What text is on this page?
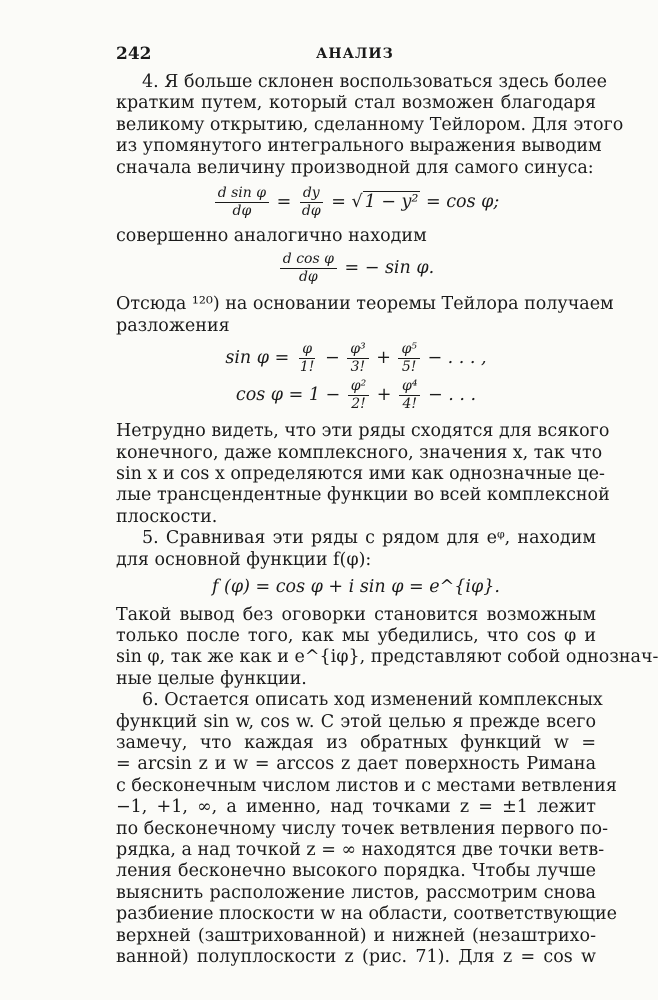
242	АНАЛИЗ
4. Я больше склонен воспользоваться здесь более
кратким путем, который стал возможен благодаря
великому открытию, сделанному Тейлором. Для этого
из упомянутого интегрального выражения выводим
сначала величину производной для самого синуса:
$\frac{\text{d sin φ}}{d\varphi} = \frac{dy}{d\varphi}$ = √ 1 − y² = cos φ;
совершенно аналогично находим
$\frac{\text{d cos φ}}{d\varphi}$ = − sin φ.
Отсюда ¹²⁰) на основании теоремы Тейлора получаем
разложения
$\sin \varphi = \frac{\varphi}{1!} - \frac{\text{φ³}}{3!} + \frac{\text{φ⁵}}{5!}$ − . . . ,
$\cos \varphi = 1 - \frac{\text{φ²}}{2!} + \frac{\text{φ⁴}}{4!}$ − . . .
Нетрудно видеть, что эти ряды сходятся для всякого
конечного, даже комплексного, значения x, так что
sin x и cos x определяются ими как однозначные це-
лые трансцендентные функции во всей комплексной
плоскости.
5. Сравнивая эти ряды с рядом для eᵠ, находим
для основной функции f(φ):
f (φ) = cos φ + i sin φ = e^{iφ}.
Такой вывод без оговорки становится возможным
только после того, как мы убедились, что cos φ и
sin φ, так же как и e^{iφ}, представляют собой однознач-
ные целые функции.
6. Остается описать ход изменений комплексных
функций sin w, cos w. С этой целью я прежде всего
замечу, что каждая из обратных функций w =
= arcsin z и w = arccos z дает поверхность Римана
с бесконечным числом листов и с местами ветвления
−1, +1, ∞, а именно, над точками z = ±1 лежит
по бесконечному числу точек ветвления первого по-
рядка, а над точкой z = ∞ находятся две точки ветв-
ления бесконечно высокого порядка. Чтобы лучше
выяснить расположение листов, рассмотрим снова
разбиение плоскости w на области, соответствующие
верхней (заштрихованной) и нижней (незаштрихо-
ванной) полуплоскости z (рис. 71). Для z = cos w
